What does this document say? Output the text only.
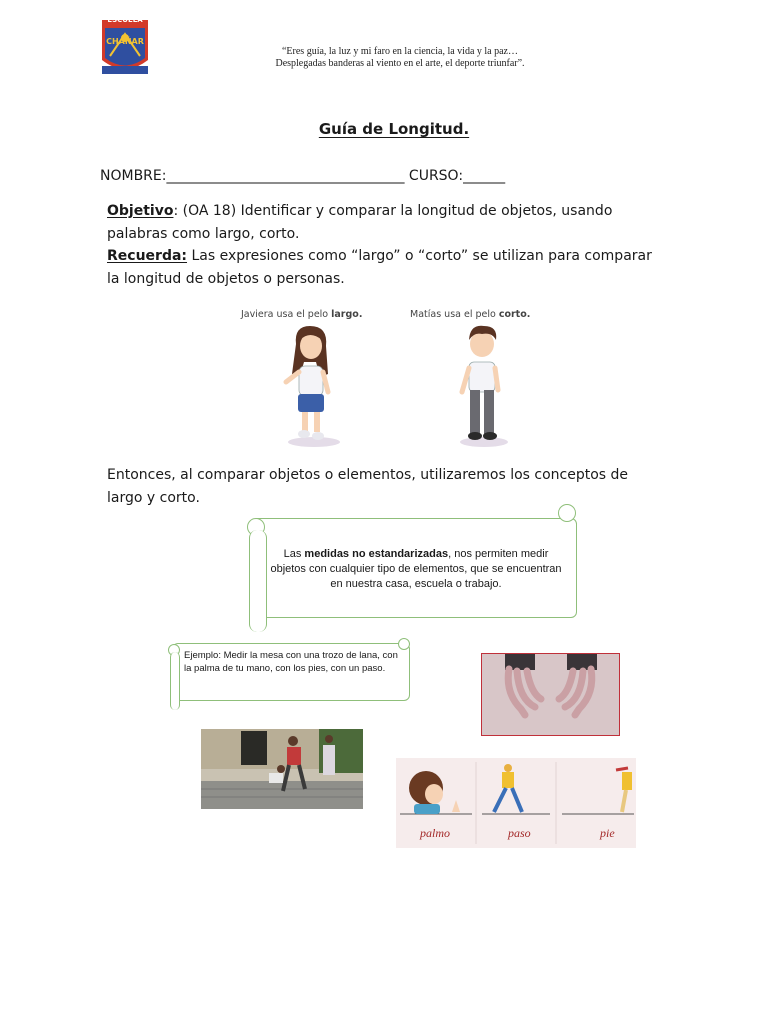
ESCUELA
CHAÑAR
“Eres guía, la luz y mi faro en la ciencia, la vida y la paz…
Desplegadas banderas al viento en el arte, el deporte triunfar”.
Guía de Longitud.
NOMBRE:__________________________________ CURSO:______
Objetivo: (OA 18) Identificar y comparar la longitud de objetos, usando palabras como largo, corto.
Recuerda: Las expresiones como “largo” o “corto” se utilizan para comparar la longitud de objetos o personas.
Javiera usa el pelo largo.	Matías usa el pelo corto.
Entonces, al comparar objetos o elementos, utilizaremos los conceptos de largo y corto.
Las medidas no estandarizadas, nos permiten medir objetos con cualquier tipo de elementos, que se encuentran en nuestra casa, escuela o trabajo.
Ejemplo: Medir la mesa con una trozo de lana, con la palma de tu mano, con los pies, con un paso.
palmo	paso	pie
